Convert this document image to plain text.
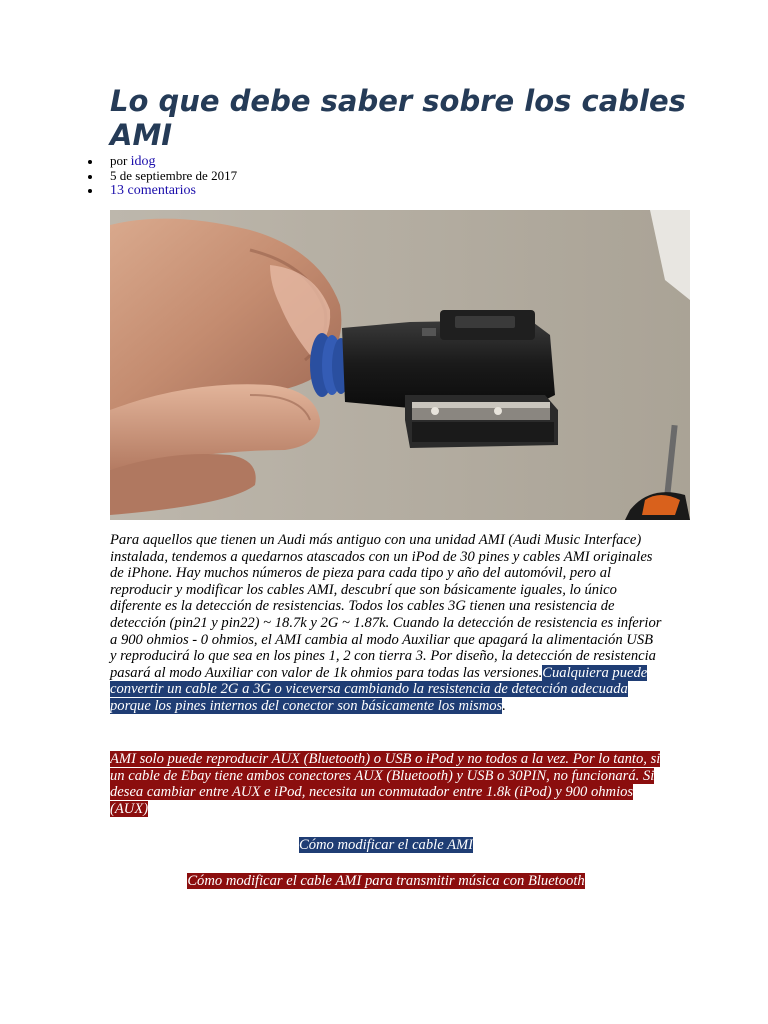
Lo que debe saber sobre los cables AMI
por idog
5 de septiembre de 2017
13 comentarios

Para aquellos que tienen un Audi más antiguo con una unidad AMI (Audi Music Interface) instalada, tendemos a quedarnos atascados con un iPod de 30 pines y cables AMI originales de iPhone. Hay muchos números de pieza para cada tipo y año del automóvil, pero al reproducir y modificar los cables AMI, descubrí que son básicamente iguales, lo único diferente es la detección de resistencias. Todos los cables 3G tienen una resistencia de detección (pin21 y pin22) ~ 18.7k y 2G ~ 1.87k. Cuando la detección de resistencia es inferior a 900 ohmios - 0 ohmios, el AMI cambia al modo Auxiliar que apagará la alimentación USB y reproducirá lo que sea en los pines 1, 2 con tierra 3. Por diseño, la detección de resistencia pasará al modo Auxiliar con valor de 1k ohmios para todas las versiones.Cualquiera puede convertir un cable 2G a 3G o viceversa cambiando la resistencia de detección adecuada porque los pines internos del conector son básicamente los mismos.

AMI solo puede reproducir AUX (Bluetooth) o USB o iPod y no todos a la vez. Por lo tanto, si un cable de Ebay tiene ambos conectores AUX (Bluetooth) y USB o 30PIN, no funcionará. Si desea cambiar entre AUX e iPod, necesita un conmutador entre 1.8k (iPod) y 900 ohmios (AUX)

Cómo modificar el cable AMI

Cómo modificar el cable AMI para transmitir música con Bluetooth
